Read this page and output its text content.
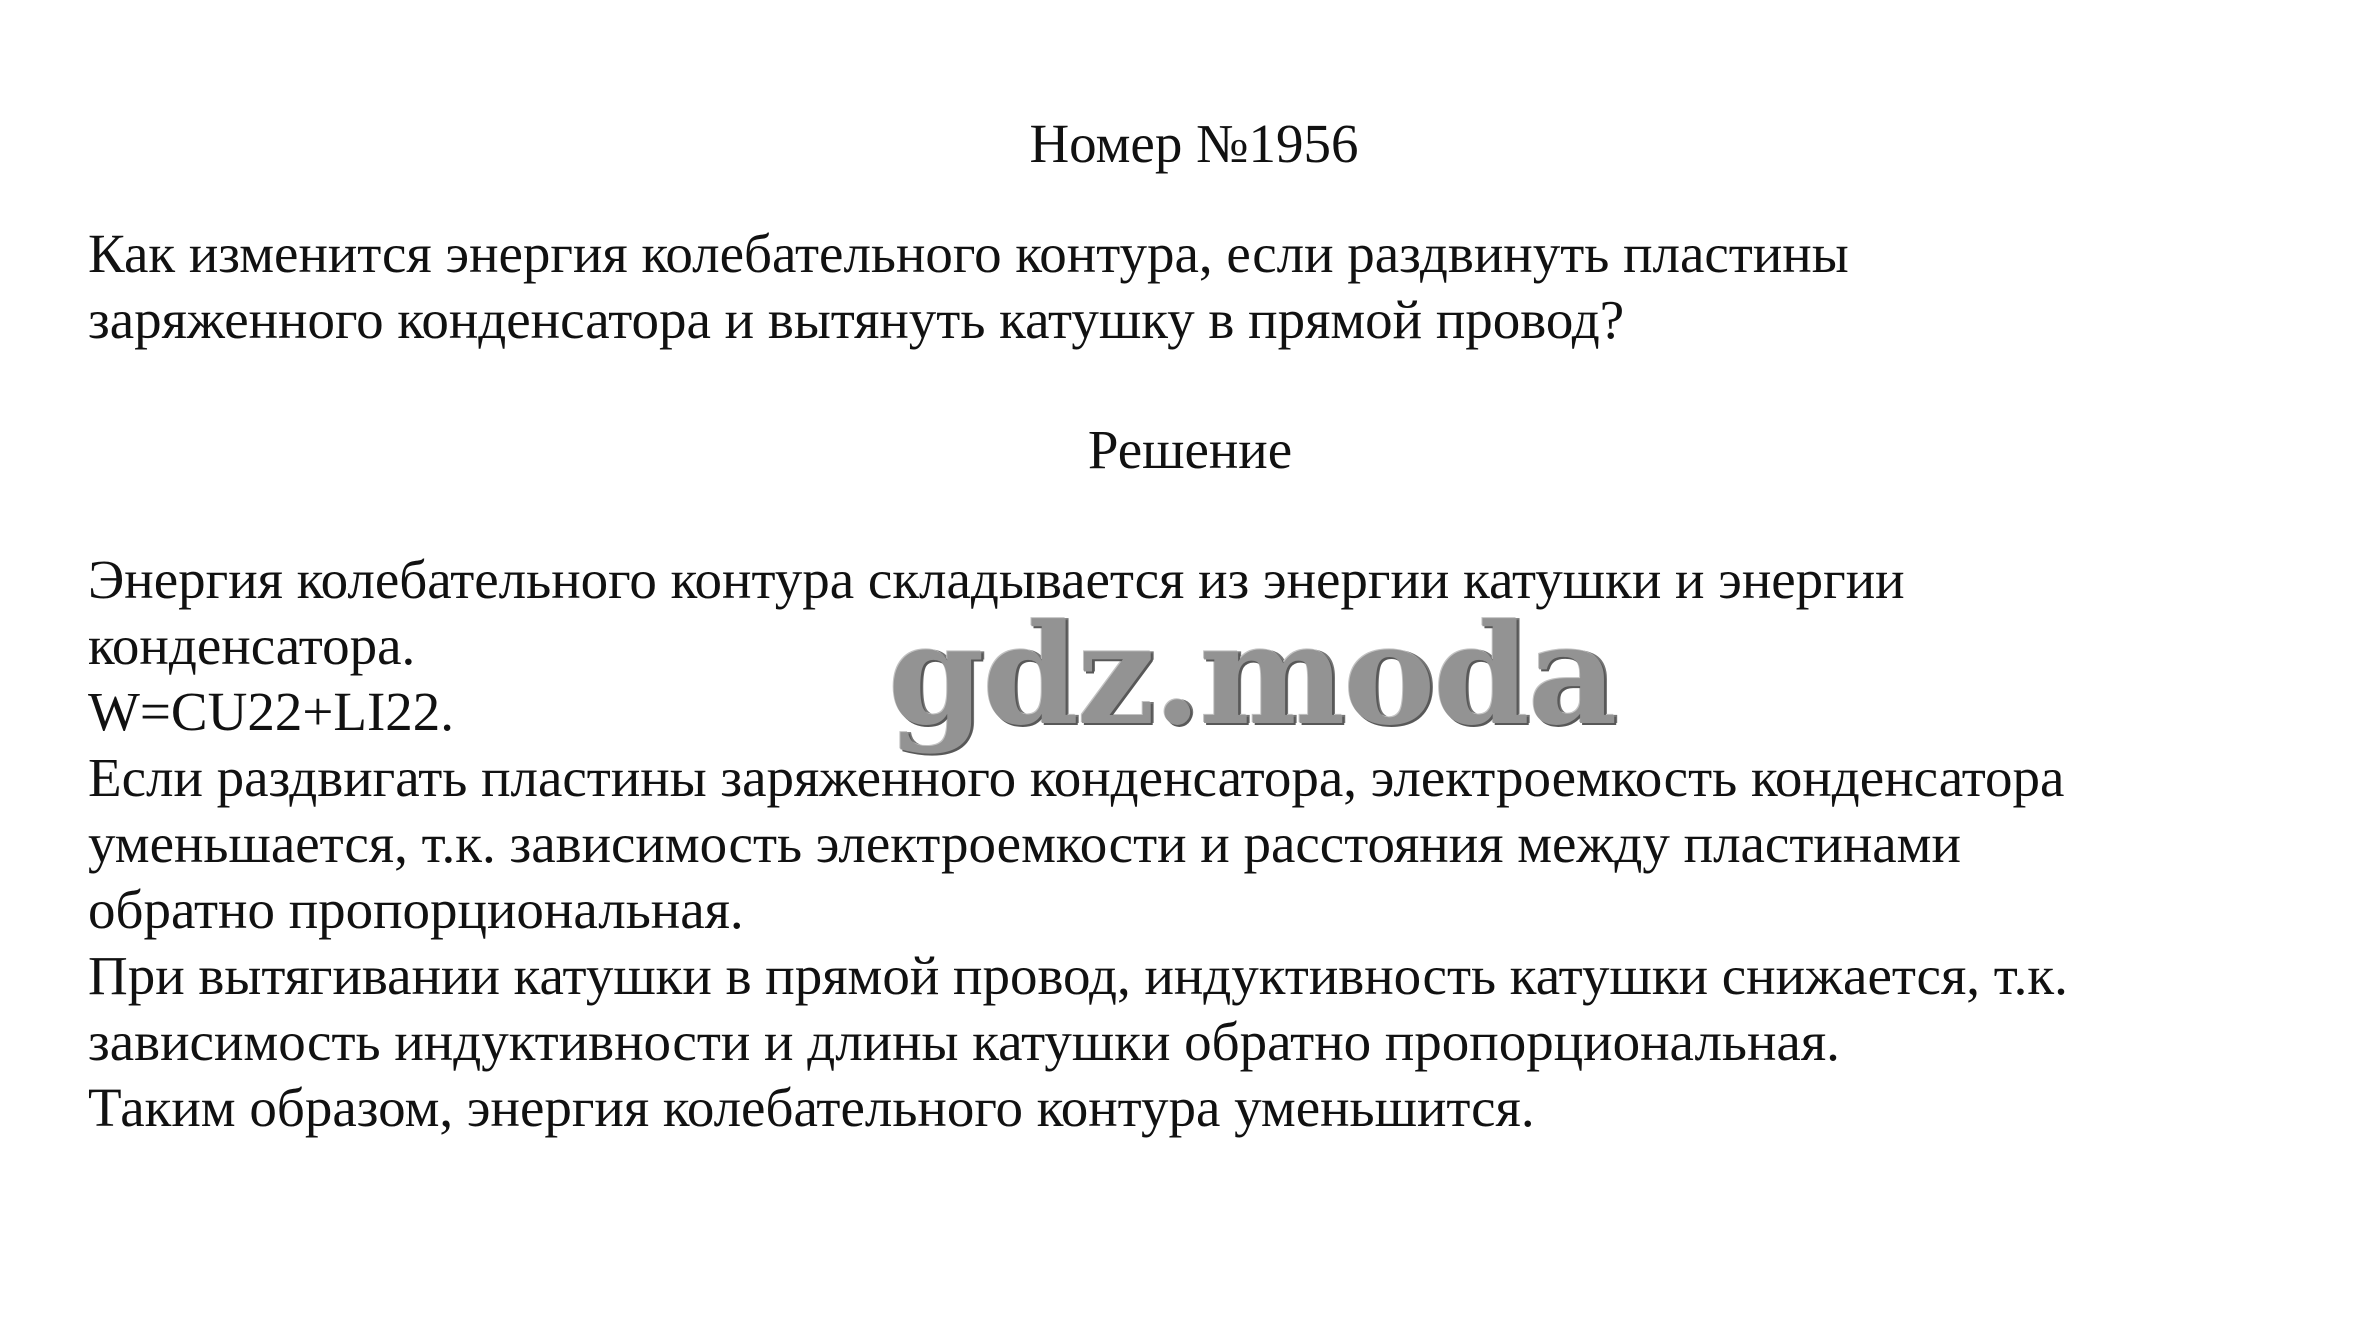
Номер №1956
Как изменится энергия колебательного контура, если раздвинуть пластины
заряженного конденсатора и вытянуть катушку в прямой провод?
Решение
Энергия колебательного контура складывается из энергии катушки и энергии
конденсатора.
W=CU22+LI22.
Если раздвигать пластины заряженного конденсатора, электроемкость конденсатора
уменьшается, т.к. зависимость электроемкости и расстояния между пластинами
обратно пропорциональная.
При вытягивании катушки в прямой провод, индуктивность катушки снижается, т.к.
зависимость индуктивности и длины катушки обратно пропорциональная.
Таким образом, энергия колебательного контура уменьшится.
gdz.moda
